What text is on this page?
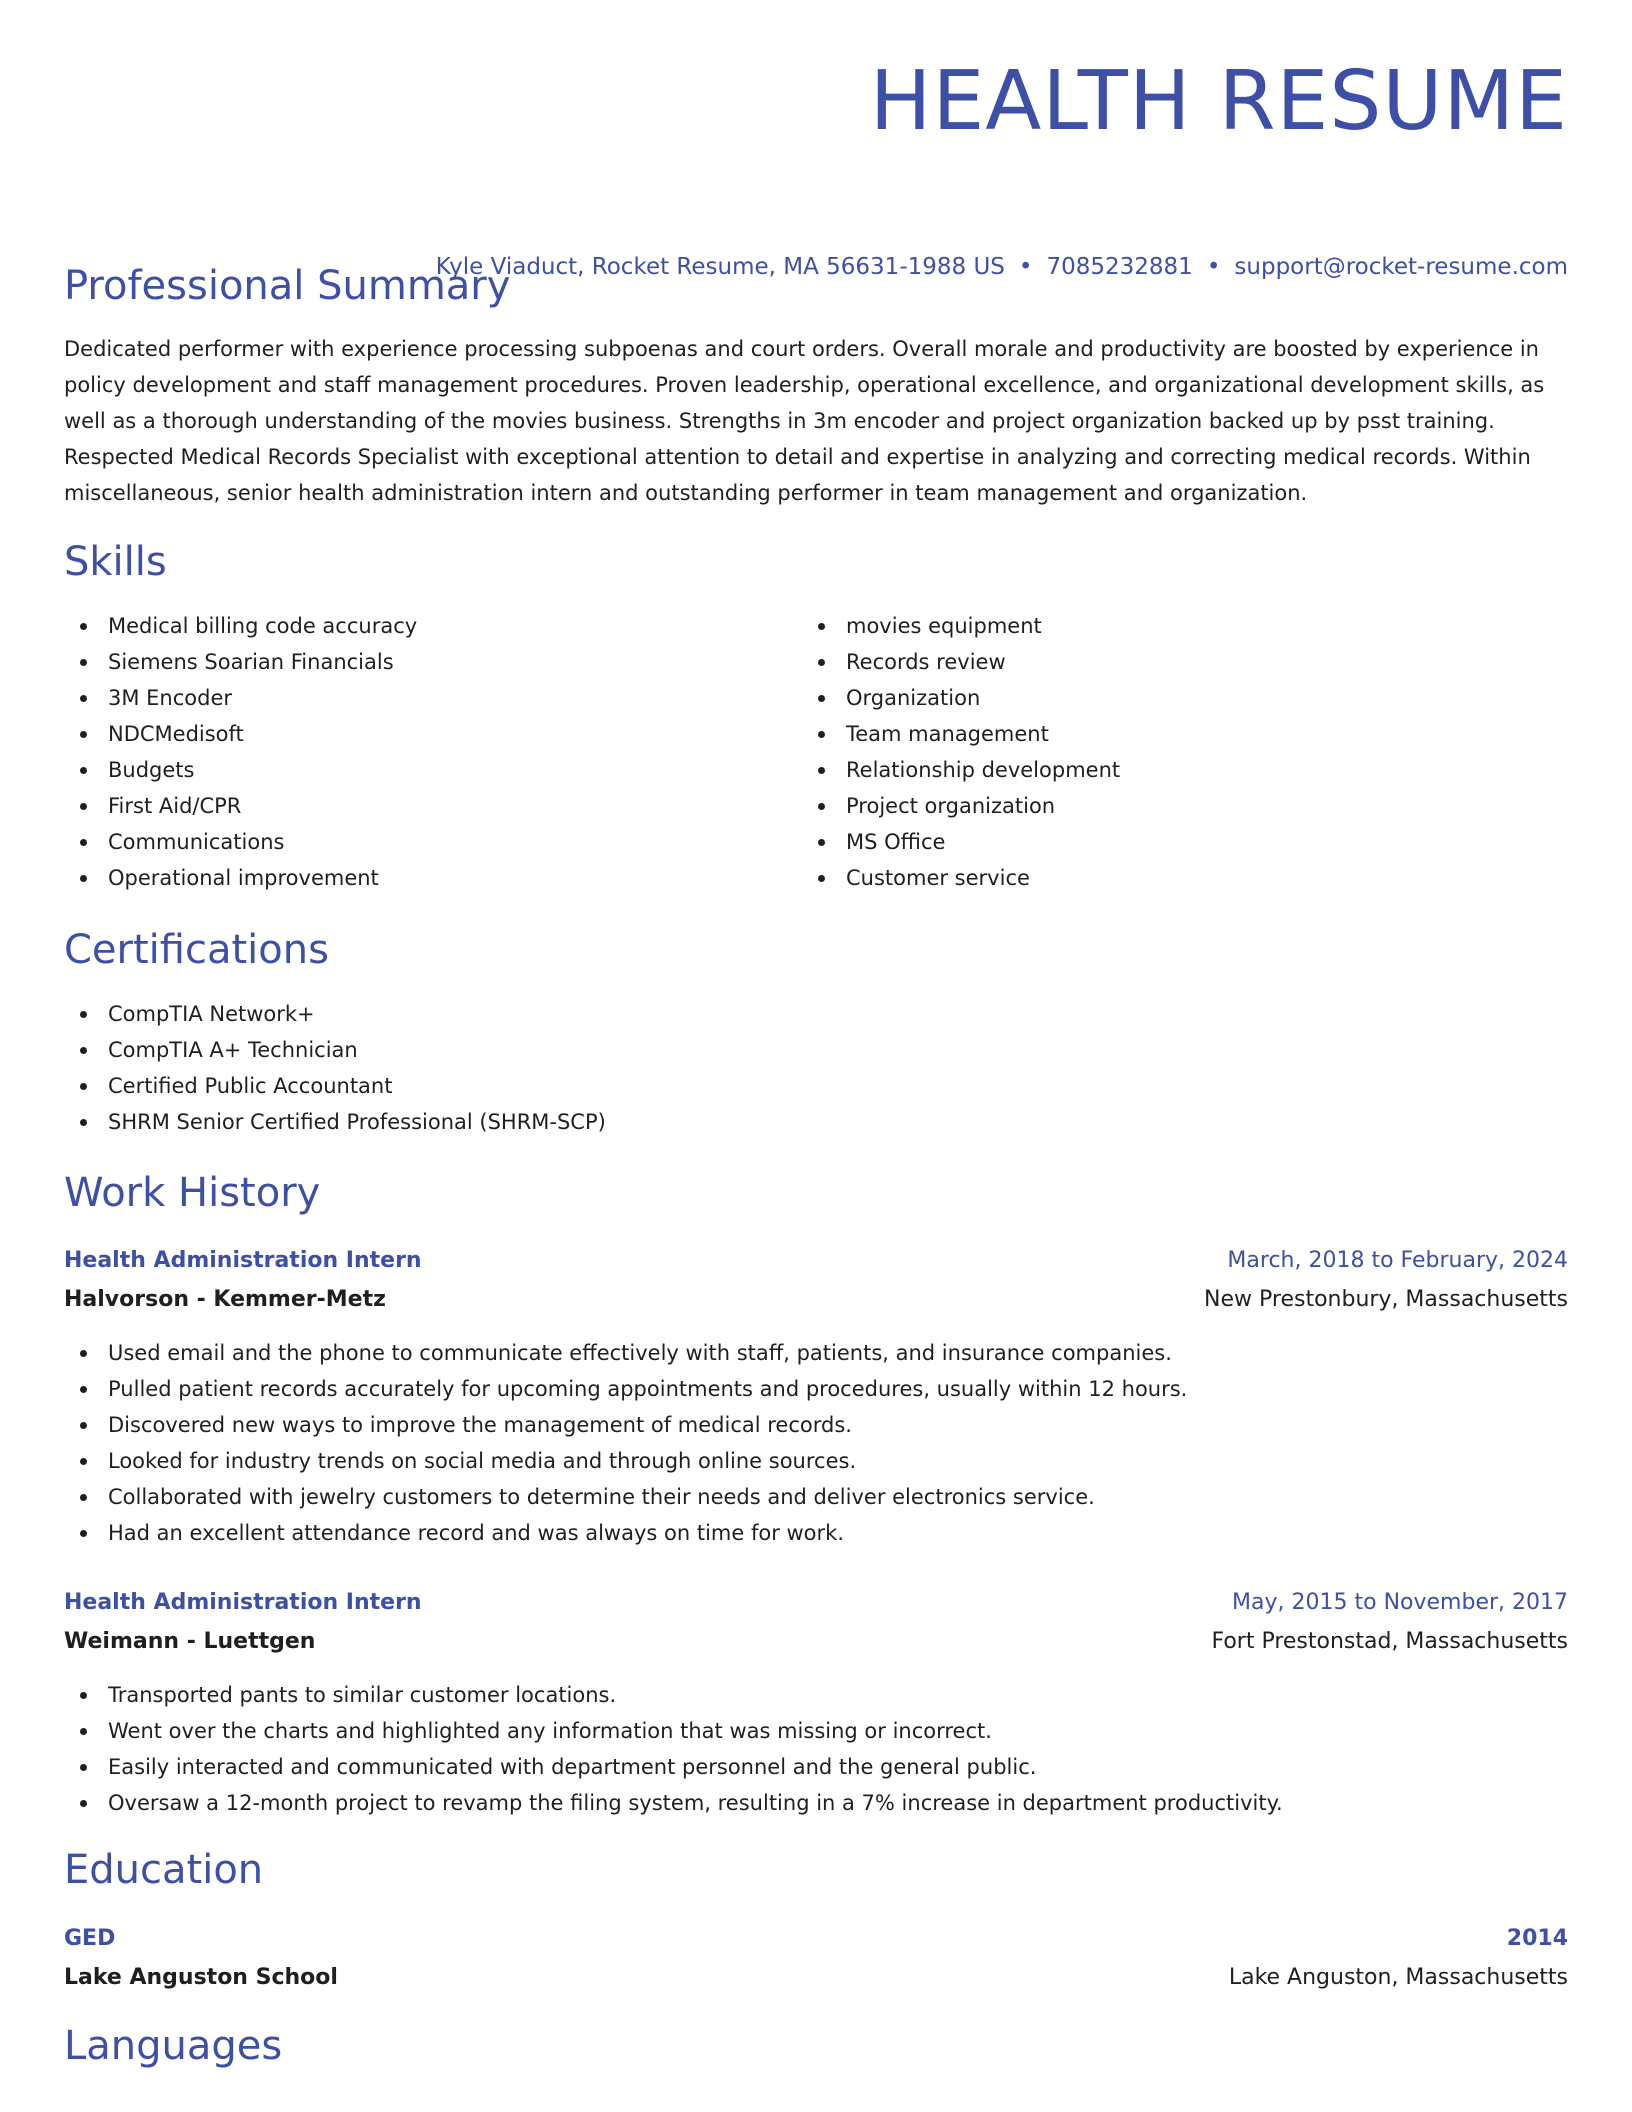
HEALTH RESUME
Kyle Viaduct, Rocket Resume, MA 56631-1988 US • 7085232881 • support@rocket-resume.com
Professional Summary

Dedicated performer with experience processing subpoenas and court orders. Overall morale and productivity are boosted by experience in policy development and staff management procedures. Proven leadership, operational excellence, and organizational development skills, as well as a thorough understanding of the movies business. Strengths in 3m encoder and project organization backed up by psst training. Respected Medical Records Specialist with exceptional attention to detail and expertise in analyzing and correcting medical records. Within miscellaneous, senior health administration intern and outstanding performer in team management and organization.

Skills
Medical billing code accuracy
Siemens Soarian Financials
3M Encoder
NDCMedisoft
Budgets
First Aid/CPR
Communications
Operational improvement
movies equipment
Records review
Organization
Team management
Relationship development
Project organization
MS Office
Customer service
Certifications
CompTIA Network+
CompTIA A+ Technician
Certified Public Accountant
SHRM Senior Certified Professional (SHRM-SCP)
Work History
Health Administration Intern	March, 2018 to February, 2024
Halvorson - Kemmer-Metz	New Prestonbury, Massachusetts
Used email and the phone to communicate effectively with staff, patients, and insurance companies.
Pulled patient records accurately for upcoming appointments and procedures, usually within 12 hours.
Discovered new ways to improve the management of medical records.
Looked for industry trends on social media and through online sources.
Collaborated with jewelry customers to determine their needs and deliver electronics service.
Had an excellent attendance record and was always on time for work.
Health Administration Intern	May, 2015 to November, 2017
Weimann - Luettgen	Fort Prestonstad, Massachusetts
Transported pants to similar customer locations.
Went over the charts and highlighted any information that was missing or incorrect.
Easily interacted and communicated with department personnel and the general public.
Oversaw a 12-month project to revamp the filing system, resulting in a 7% increase in department productivity.
Education
GED	2014
Lake Anguston School	Lake Anguston, Massachusetts
Languages
